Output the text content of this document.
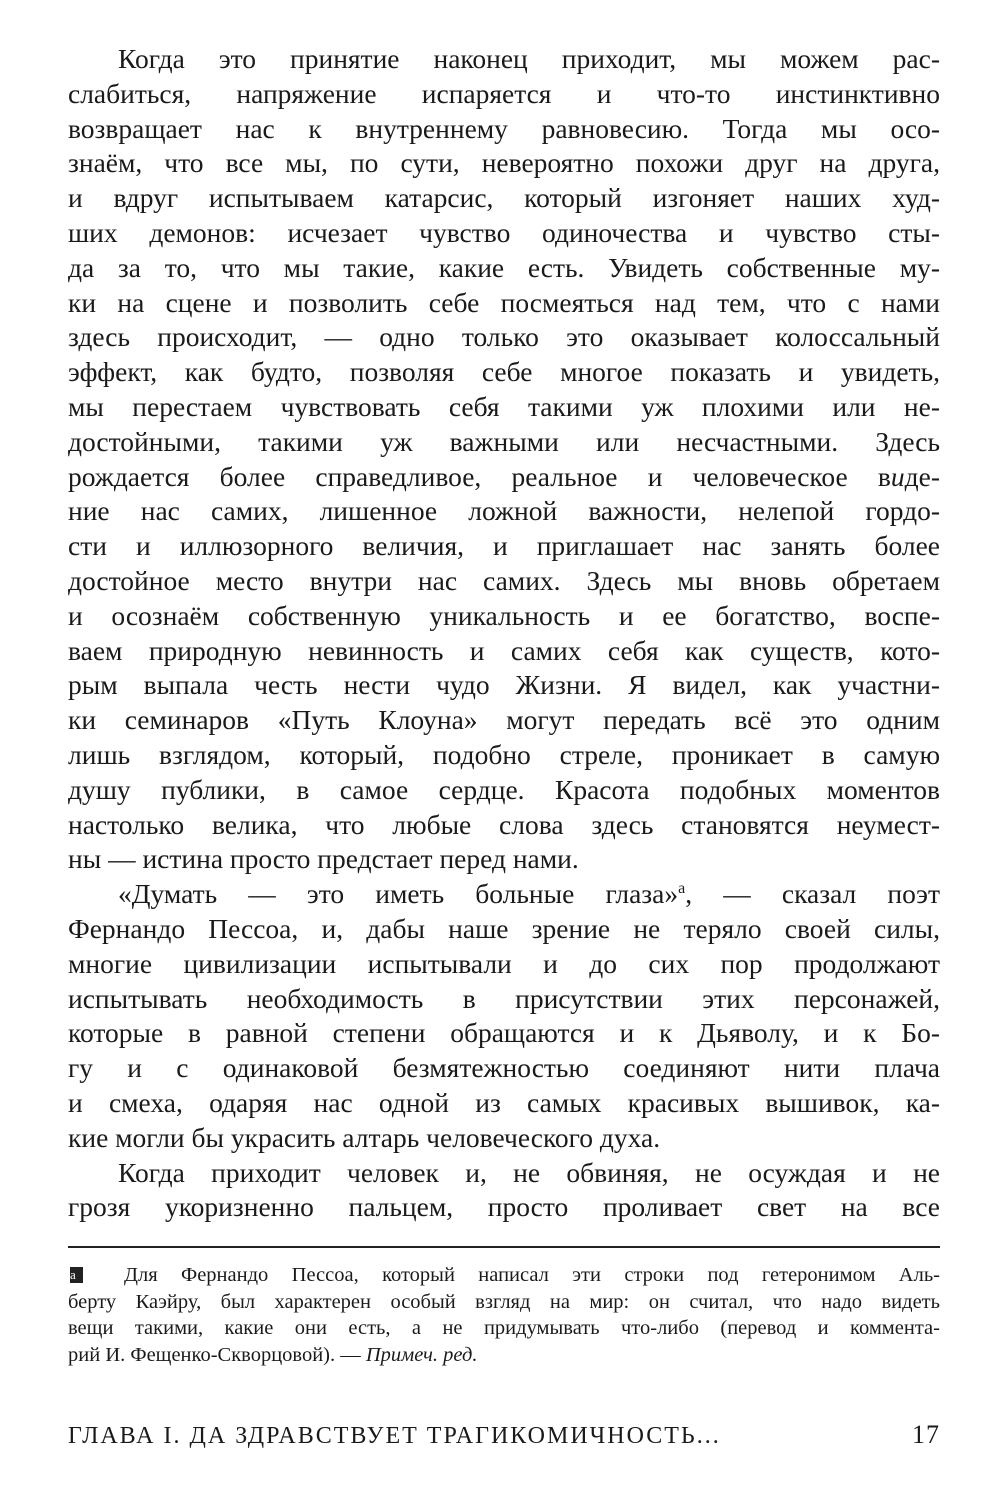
Когда это принятие наконец приходит, мы можем рас-
слабиться, напряжение испаряется и что-то инстинктивно
возвращает нас к внутреннему равновесию. Тогда мы осо-
знаём, что все мы, по сути, невероятно похожи друг на друга,
и вдруг испытываем катарсис, который изгоняет наших худ-
ших демонов: исчезает чувство одиночества и чувство сты-
да за то, что мы такие, какие есть. Увидеть собственные му-
ки на сцене и позволить себе посмеяться над тем, что с нами
здесь происходит, — одно только это оказывает колоссальный
эффект, как будто, позволяя себе многое показать и увидеть,
мы перестаем чувствовать себя такими уж плохими или не-
достойными, такими уж важными или несчастными. Здесь
рождается более справедливое, реальное и человеческое виде-
ние нас самих, лишенное ложной важности, нелепой гордо-
сти и иллюзорного величия, и приглашает нас занять более
достойное место внутри нас самих. Здесь мы вновь обретаем
и осознаём собственную уникальность и ее богатство, воспе-
ваем природную невинность и самих себя как существ, кото-
рым выпала честь нести чудо Жизни. Я видел, как участни-
ки семинаров «Путь Клоуна» могут передать всё это одним
лишь взглядом, который, подобно стреле, проникает в самую
душу публики, в самое сердце. Красота подобных моментов
настолько велика, что любые слова здесь становятся неумест-
ны — истина просто предстает перед нами.
«Думать — это иметь больные глаза»$^a$, — сказал поэт
Фернандо Пессоа, и, дабы наше зрение не теряло своей силы,
многие цивилизации испытывали и до сих пор продолжают
испытывать необходимость в присутствии этих персонажей,
которые в равной степени обращаются и к Дьяволу, и к Бо-
гу и с одинаковой безмятежностью соединяют нити плача
и смеха, одаряя нас одной из самых красивых вышивок, ка-
кие могли бы украсить алтарь человеческого духа.
Когда приходит человек и, не обвиняя, не осуждая и не
грозя укоризненно пальцем, просто проливает свет на все
a	Для Фернандо Пессоа, который написал эти строки под гетеронимом Аль-
берту Каэйру, был характерен особый взгляд на мир: он считал, что надо видеть
вещи такими, какие они есть, а не придумывать что-либо (перевод и коммента-
рий И. Фещенко-Скворцовой). — Примеч. ред.
ГЛАВА I. ДА ЗДРАВСТВУЕТ ТРАГИКОМИЧНОСТЬ...	17
